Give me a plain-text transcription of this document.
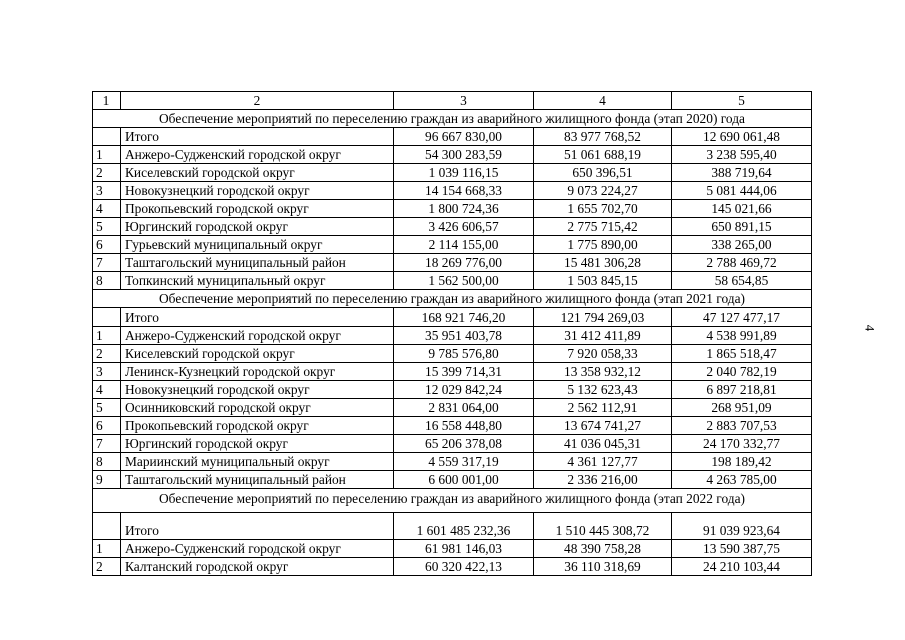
1	2	3	4	5
Обеспечение мероприятий по переселению граждан из аварийного жилищного фонда (этап 2020) года				
	Итого	96 667 830,00	83 977 768,52	12 690 061,48
1	Анжеро-Судженский городской округ	54 300 283,59	51 061 688,19	3 238 595,40
2	Киселевский городской округ	1 039 116,15	650 396,51	388 719,64
3	Новокузнецкий городской округ	14 154 668,33	9 073 224,27	5 081 444,06
4	Прокопьевский городской округ	1 800 724,36	1 655 702,70	145 021,66
5	Юргинский городской округ	3 426 606,57	2 775 715,42	650 891,15
6	Гурьевский муниципальный округ	2 114 155,00	1 775 890,00	338 265,00
7	Таштагольский муниципальный район	18 269 776,00	15 481 306,28	2 788 469,72
8	Топкинский муниципальный округ	1 562 500,00	1 503 845,15	58 654,85
Обеспечение мероприятий по переселению граждан из аварийного жилищного фонда (этап 2021 года)				
	Итого	168 921 746,20	121 794 269,03	47 127 477,17
1	Анжеро-Судженский городской округ	35 951 403,78	31 412 411,89	4 538 991,89
2	Киселевский городской округ	9 785 576,80	7 920 058,33	1 865 518,47
3	Ленинск-Кузнецкий городской округ	15 399 714,31	13 358 932,12	2 040 782,19
4	Новокузнецкий городской округ	12 029 842,24	5 132 623,43	6 897 218,81
5	Осинниковский городской округ	2 831 064,00	2 562 112,91	268 951,09
6	Прокопьевский городской округ	16 558 448,80	13 674 741,27	2 883 707,53
7	Юргинский городской округ	65 206 378,08	41 036 045,31	24 170 332,77
8	Мариинский муниципальный округ	4 559 317,19	4 361 127,77	198 189,42
9	Таштагольский муниципальный район	6 600 001,00	2 336 216,00	4 263 785,00
Обеспечение мероприятий по переселению граждан из аварийного жилищного фонда (этап 2022 года)				
	Итого	1 601 485 232,36	1 510 445 308,72	91 039 923,64
1	Анжеро-Судженский городской округ	61 981 146,03	48 390 758,28	13 590 387,75
2	Калтанский городской округ	60 320 422,13	36 110 318,69	24 210 103,44
4
